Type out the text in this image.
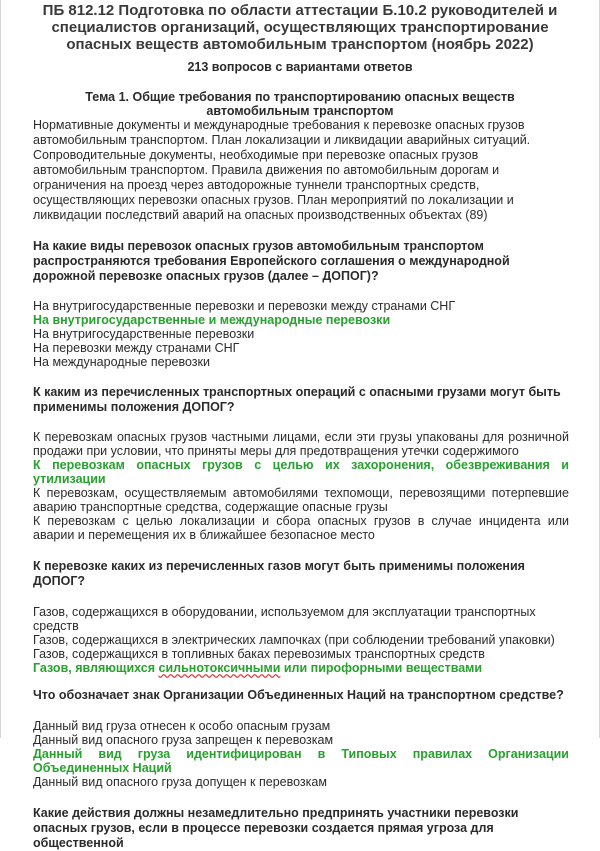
ПБ 812.12 Подготовка по области аттестации Б.10.2 руководителей и специалистов организаций, осуществляющих транспортирование опасных веществ автомобильным транспортом (ноябрь 2022)
213 вопросов с вариантами ответов
Тема 1. Общие требования по транспортированию опасных веществ автомобильным транспортом
Нормативные документы и международные требования к перевозке опасных грузов автомобильным транспортом. План локализации и ликвидации аварийных ситуаций. Сопроводительные документы, необходимые при перевозке опасных грузов автомобильным транспортом. Правила движения по автомобильным дорогам и ограничения на проезд через автодорожные туннели транспортных средств, осуществляющих перевозки опасных грузов. План мероприятий по локализации и ликвидации последствий аварий на опасных производственных объектах (89)
На какие виды перевозок опасных грузов автомобильным транспортом распространяются требования Европейского соглашения о международной дорожной перевозке опасных грузов (далее – ДОПОГ)?
На внутригосударственные перевозки и перевозки между странами СНГ
На внутригосударственные и международные перевозки
На внутригосударственные перевозки
На перевозки между странами СНГ
На международные перевозки
К каким из перечисленных транспортных операций с опасными грузами могут быть применимы положения ДОПОГ?
К перевозкам опасных грузов частными лицами, если эти грузы упакованы для розничной продажи при условии, что приняты меры для предотвращения утечки содержимого
К перевозкам опасных грузов с целью их захоронения, обезвреживания и утилизации
К перевозкам, осуществляемым автомобилями техпомощи, перевозящими потерпевшие аварию транспортные средства, содержащие опасные грузы
К перевозкам с целью локализации и сбора опасных грузов в случае инцидента или аварии и перемещения их в ближайшее безопасное место
К перевозке каких из перечисленных газов могут быть применимы положения ДОПОГ?
Газов, содержащихся в оборудовании, используемом для эксплуатации транспортных средств
Газов, содержащихся в электрических лампочках (при соблюдении требований упаковки)
Газов, содержащихся в топливных баках перевозимых транспортных средств
Газов, являющихся сильнотоксичными или пирофорными веществами
Что обозначает знак Организации Объединенных Наций на транспортном средстве?
Данный вид груза отнесен к особо опасным грузам
Данный вид опасного груза запрещен к перевозкам
Данный вид груза идентифицирован в Типовых правилах Организации Объединенных Наций
Данный вид опасного груза допущен к перевозкам
Какие действия должны незамедлительно предпринять участники перевозки опасных грузов, если в процессе перевозки создается прямая угроза для общественной
